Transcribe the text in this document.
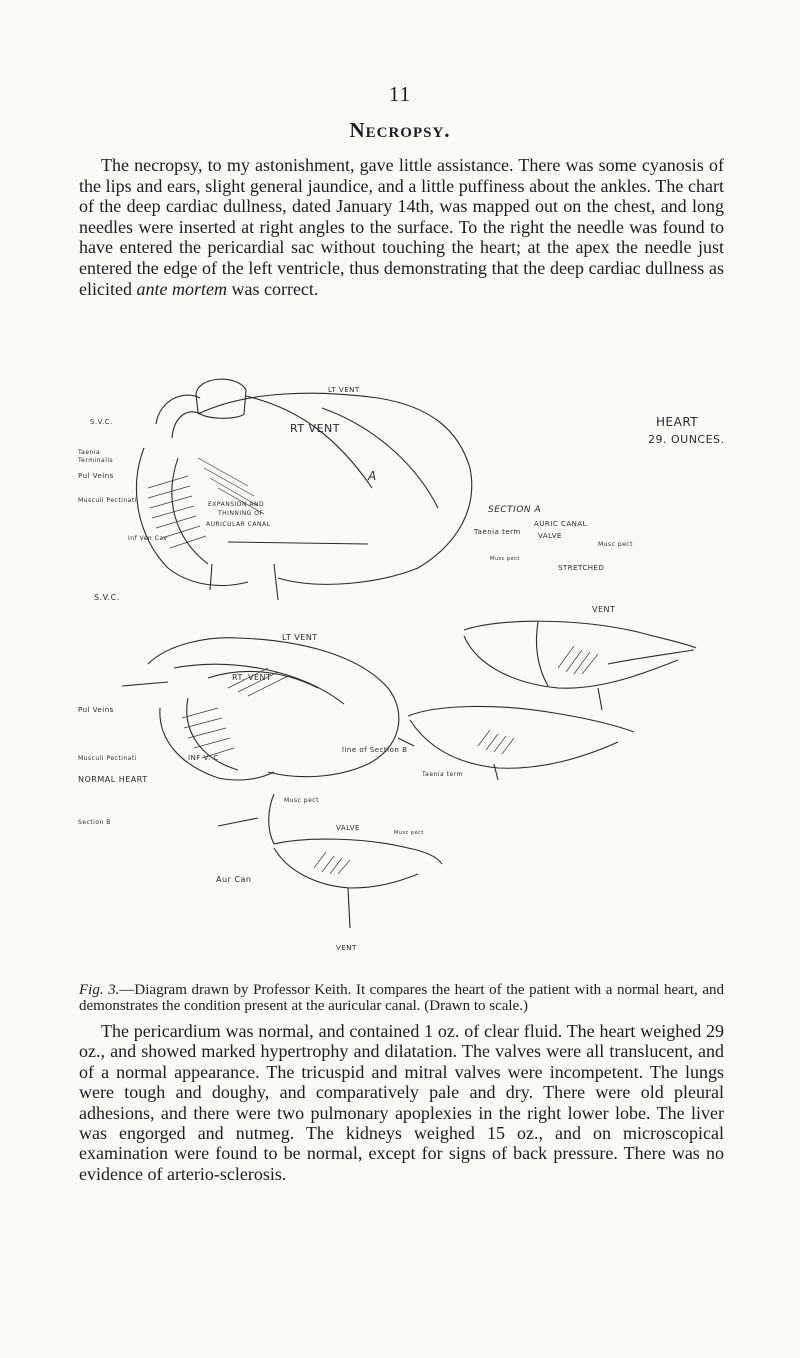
11
Necropsy.

The necropsy, to my astonishment, gave little assistance. There was some cyanosis of the lips and ears, slight general jaundice, and a little puffiness about the ankles. The chart of the deep cardiac dullness, dated January 14th, was mapped out on the chest, and long needles were inserted at right angles to the surface. To the right the needle was found to have entered the pericardial sac without touching the heart; at the apex the needle just entered the edge of the left ventricle, thus demonstrating that the deep cardiac dullness as elicited ante mortem was correct.

HEART
29. OUNCES.
RT VENT
LT VENT
A
S.V.C.
Taenia
Terminalis
Pul Veins
Musculi Pectinati
Inf Ven Cav
EXPANSION AND
THINNING OF
AURICULAR CANAL
SECTION A
Taenia term
AURIC CANAL
VALVE
Musc pect
Musc pect
STRETCHED
VENT
S.V.C.
LT VENT
RT. VENT
Pul Veins
Musculi Pectinati	INF V. C
NORMAL HEART
line of Section B
Taenia term
Section B
Musc pect
VALVE
Musc pect
Aur Can
VENT

Fig. 3.—Diagram drawn by Professor Keith. It compares the heart of the patient with a normal heart, and demonstrates the condition present at the auricular canal. (Drawn to scale.)

The pericardium was normal, and contained 1 oz. of clear fluid. The heart weighed 29 oz., and showed marked hypertrophy and dilatation. The valves were all translucent, and of a normal appearance. The tricuspid and mitral valves were incompetent. The lungs were tough and doughy, and comparatively pale and dry. There were old pleural adhesions, and there were two pulmonary apoplexies in the right lower lobe. The liver was engorged and nutmeg. The kidneys weighed 15 oz., and on microscopical examination were found to be normal, except for signs of back pressure. There was no evidence of arterio-sclerosis.
